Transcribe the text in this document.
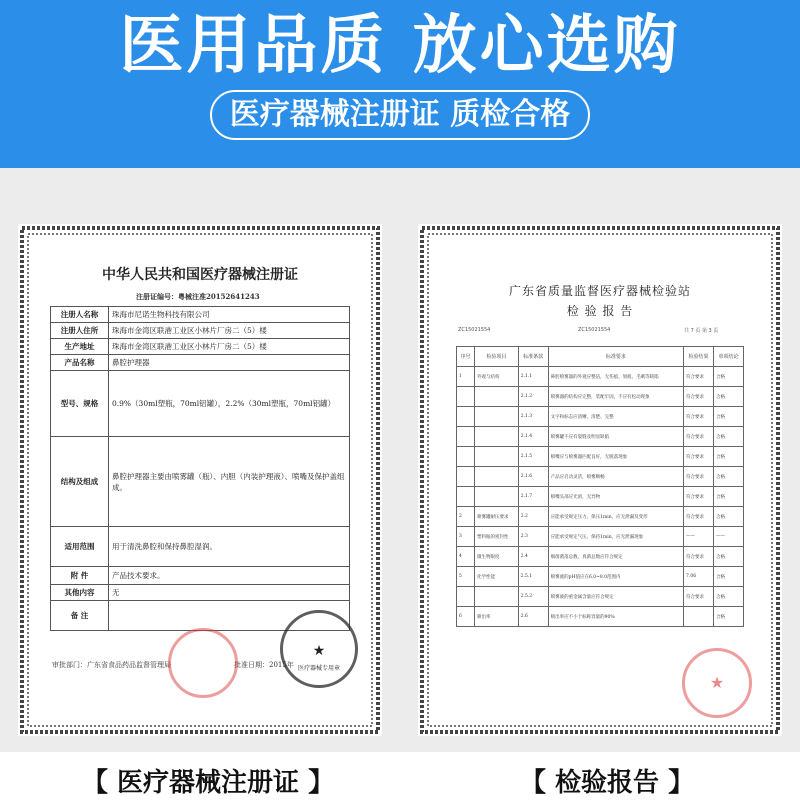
医用品质 放心选购
医疗器械注册证 质检合格
中华人民共和国医疗器械注册证
注册证编号：粤械注准20152641243
注册人名称	珠海市尼诺生物科技有限公司
注册人住所	珠海市金湾区联港工业区小林片厂房二（5）楼
生产地址	珠海市金湾区联港工业区小林片厂房二（5）楼
产品名称	鼻腔护理器
型号、规格	0.9%（30ml塑瓶，70ml铝罐），2.2%（30ml塑瓶，70ml铝罐）
结构及组成	鼻腔护理器主要由喷雾罐（瓶）、内胆（内装护理液）、喷嘴及保护盖组成。
适用范围	用于清洗鼻腔和保持鼻腔湿润。
附 件	产品技术要求。
其他内容	无
备 注	
审批部门：广东省食品药品监督管理局	批准日期：2015年
★
医疗器械专用章
广东省质量监督医疗器械检验站
检 验 报 告
ZC15021554	ZC15021554	共 7 页 第 3 页
序号	检验项目	标准条款	标准要求	检验结果	单项结论
1	外观与结构	2.1.1	鼻腔喷雾器的外观应整洁，无伤痕、划痕、毛刺等缺陷	符合要求	合格
		2.1.2	喷雾器的结构应完整，装配牢固，不应有松动现象	符合要求	合格
		2.1.3	文字和标志应清晰、清楚、完整	符合要求	合格
		2.1.4	喷雾罐不应有裂缝及明显缺陷	符合要求	合格
		2.1.5	喷嘴应与喷雾器匹配良好，无脱落现象	符合要求	合格
		2.1.6	产品应启动灵活，喷雾顺畅	符合要求	合格
		2.1.7	喷嘴头部应光滑，无异物	符合要求	合格
2	喷雾罐耐压要求	2.2	应能承受规定压力，保压1min，应无泄漏及变形	符合要求	合格
3	塑料瓶的密封性	2.3	应能承受规定气压，保持1min，应无泄漏现象	——	——
4	微生物限度	2.4	细菌菌落总数、真菌总数应符合规定	符合要求	合格
5	化学性能	2.5.1	喷雾液的pH值应在6.0~8.0范围内	7.06	合格
		2.5.2	喷雾液的重金属含量应符合规定	符合要求	合格
6	喷出率	2.6	喷出率应不小于标称容量的90%		合格
★
【 医疗器械注册证 】	【 检验报告 】
